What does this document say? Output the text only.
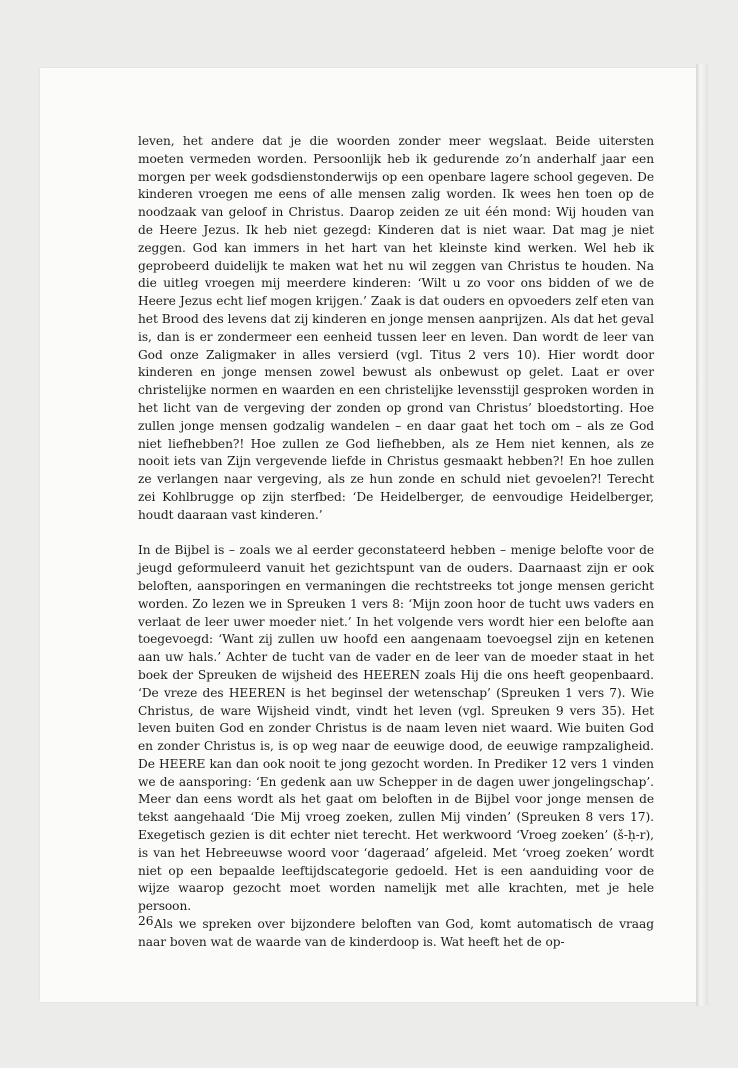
leven, het andere dat je die woorden zonder meer wegslaat. Beide uitersten moeten vermeden worden. Persoonlijk heb ik gedurende zo’n anderhalf jaar een morgen per week godsdienstonderwijs op een openbare lagere school gegeven. De kinderen vroegen me eens of alle mensen zalig worden. Ik wees hen toen op de noodzaak van geloof in Christus. Daarop zeiden ze uit één mond: Wij houden van de Heere Jezus. Ik heb niet gezegd: Kinderen dat is niet waar. Dat mag je niet zeggen. God kan immers in het hart van het kleinste kind werken. Wel heb ik geprobeerd duidelijk te maken wat het nu wil zeggen van Christus te houden. Na die uitleg vroegen mij meerdere kinderen: ‘Wilt u zo voor ons bidden of we de Heere Jezus echt lief mogen krijgen.’ Zaak is dat ouders en opvoeders zelf eten van het Brood des levens dat zij kinderen en jonge mensen aanprijzen. Als dat het geval is, dan is er zondermeer een eenheid tussen leer en leven. Dan wordt de leer van God onze Zaligmaker in alles versierd (vgl. Titus 2 vers 10). Hier wordt door kinderen en jonge mensen zowel bewust als onbewust op gelet. Laat er over christelijke normen en waarden en een christelijke levensstijl gesproken worden in het licht van de vergeving der zonden op grond van Christus’ bloedstorting. Hoe zullen jonge mensen godzalig wandelen – en daar gaat het toch om – als ze God niet liefhebben?! Hoe zullen ze God liefhebben, als ze Hem niet kennen, als ze nooit iets van Zijn vergevende liefde in Christus gesmaakt hebben?! En hoe zullen ze verlangen naar vergeving, als ze hun zonde en schuld niet gevoelen?! Terecht zei Kohlbrugge op zijn sterfbed: ‘De Heidelberger, de eenvoudige Heidelberger, houdt daaraan vast kinderen.’

In de Bijbel is – zoals we al eerder geconstateerd hebben – menige belofte voor de jeugd geformuleerd vanuit het gezichtspunt van de ouders. Daarnaast zijn er ook beloften, aansporingen en vermaningen die rechtstreeks tot jonge mensen gericht worden. Zo lezen we in Spreuken 1 vers 8: ‘Mijn zoon hoor de tucht uws vaders en verlaat de leer uwer moeder niet.’ In het volgende vers wordt hier een belofte aan toegevoegd: ‘Want zij zullen uw hoofd een aangenaam toevoegsel zijn en ketenen aan uw hals.’ Achter de tucht van de vader en de leer van de moeder staat in het boek der Spreuken de wijsheid des HEEREN zoals Hij die ons heeft geopenbaard. ‘De vreze des HEEREN is het beginsel der wetenschap’ (Spreuken 1 vers 7). Wie Christus, de ware Wijsheid vindt, vindt het leven (vgl. Spreuken 9 vers 35). Het leven buiten God en zonder Christus is de naam leven niet waard. Wie buiten God en zonder Christus is, is op weg naar de eeuwige dood, de eeuwige rampzaligheid. De HEERE kan dan ook nooit te jong gezocht worden. In Prediker 12 vers 1 vinden we de aansporing: ‘En gedenk aan uw Schepper in de dagen uwer jongelingschap’. Meer dan eens wordt als het gaat om beloften in de Bijbel voor jonge mensen de tekst aangehaald ‘Die Mij vroeg zoeken, zullen Mij vinden’ (Spreuken 8 vers 17). Exegetisch gezien is dit echter niet terecht. Het werkwoord ‘Vroeg zoeken’ (š-ḥ-r), is van het Hebreeuwse woord voor ‘dageraad’ afgeleid. Met ‘vroeg zoeken’ wordt niet op een bepaalde leeftijdscategorie gedoeld. Het is een aanduiding voor de wijze waarop gezocht moet worden namelijk met alle krachten, met je hele persoon.

Als we spreken over bijzondere beloften van God, komt automatisch de vraag naar boven wat de waarde van de kinderdoop is. Wat heeft het de op-

26
